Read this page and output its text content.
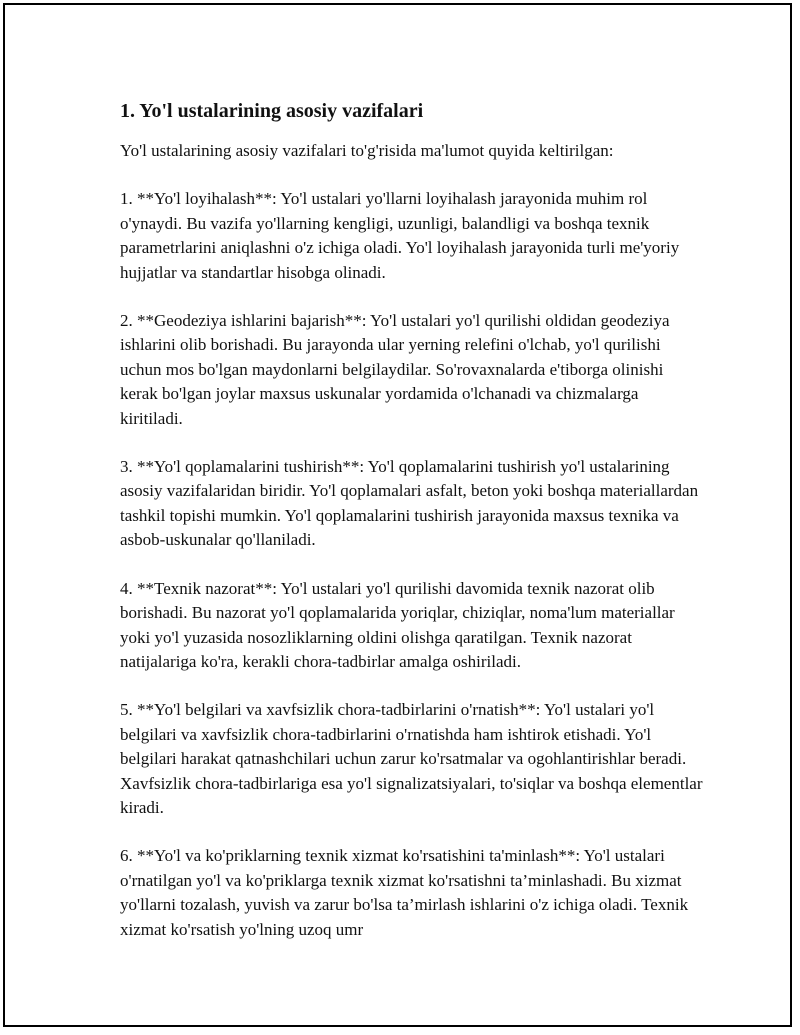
1. Yo'l ustalarining asosiy vazifalari

Yo'l ustalarining asosiy vazifalari to'g'risida ma'lumot quyida keltirilgan:

1. **Yo'l loyihalash**: Yo'l ustalari yo'llarni loyihalash jarayonida muhim rol o'ynaydi. Bu vazifa yo'llarning kengligi, uzunligi, balandligi va boshqa texnik parametrlarini aniqlashni o'z ichiga oladi. Yo'l loyihalash jarayonida turli me'yoriy hujjatlar va standartlar hisobga olinadi.

2. **Geodeziya ishlarini bajarish**: Yo'l ustalari yo'l qurilishi oldidan geodeziya ishlarini olib borishadi. Bu jarayonda ular yerning relefini o'lchab, yo'l qurilishi uchun mos bo'lgan maydonlarni belgilaydilar. So'rovaxnalarda e'tiborga olinishi kerak bo'lgan joylar maxsus uskunalar yordamida o'lchanadi va chizmalarga kiritiladi.

3. **Yo'l qoplamalarini tushirish**: Yo'l qoplamalarini tushirish yo'l ustalarining asosiy vazifalaridan biridir. Yo'l qoplamalari asfalt, beton yoki boshqa materiallardan tashkil topishi mumkin. Yo'l qoplamalarini tushirish jarayonida maxsus texnika va asbob-uskunalar qo'llaniladi.

4. **Texnik nazorat**: Yo'l ustalari yo'l qurilishi davomida texnik nazorat olib borishadi. Bu nazorat yo'l qoplamalarida yoriqlar, chiziqlar, noma'lum materiallar yoki yo'l yuzasida nosozliklarning oldini olishga qaratilgan. Texnik nazorat natijalariga ko'ra, kerakli chora-tadbirlar amalga oshiriladi.

5. **Yo'l belgilari va xavfsizlik chora-tadbirlarini o'rnatish**: Yo'l ustalari yo'l belgilari va xavfsizlik chora-tadbirlarini o'rnatishda ham ishtirok etishadi. Yo'l belgilari harakat qatnashchilari uchun zarur ko'rsatmalar va ogohlantirishlar beradi. Xavfsizlik chora-tadbirlariga esa yo'l signalizatsiyalari, to'siqlar va boshqa elementlar kiradi.

6. **Yo'l va ko'priklarning texnik xizmat ko'rsatishini ta'minlash**: Yo'l ustalari o'rnatilgan yo'l va ko'priklarga texnik xizmat ko'rsatishni ta’minlashadi. Bu xizmat yo'llarni tozalash, yuvish va zarur bo'lsa ta’mirlash ishlarini o'z ichiga oladi. Texnik xizmat ko'rsatish yo'lning uzoq umr
